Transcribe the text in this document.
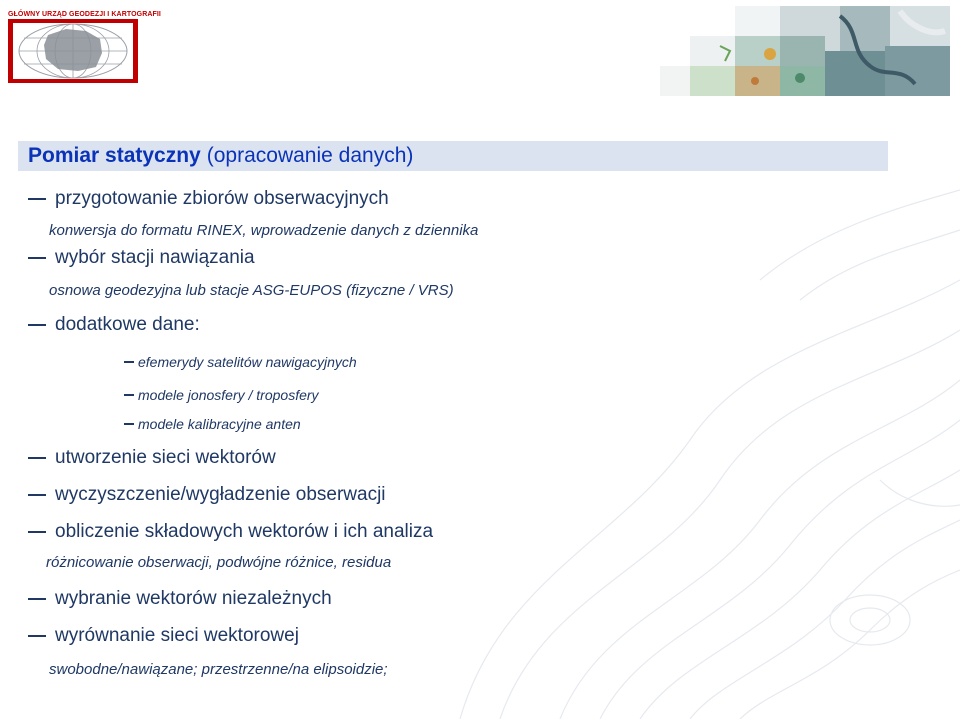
GŁÓWNY URZĄD GEODEZJI I KARTOGRAFII
Pomiar statyczny (opracowanie danych)
przygotowanie zbiorów obserwacyjnych
konwersja do formatu RINEX, wprowadzenie danych z dziennika
wybór stacji nawiązania
osnowa geodezyjna lub stacje ASG-EUPOS (fizyczne / VRS)
dodatkowe dane:
efemerydy satelitów nawigacyjnych
modele jonosfery / troposfery
modele kalibracyjne anten
utworzenie sieci wektorów
wyczyszczenie/wygładzenie obserwacji
obliczenie składowych wektorów i ich analiza
różnicowanie obserwacji, podwójne różnice, residua
wybranie wektorów niezależnych
wyrównanie sieci wektorowej
swobodne/nawiązane; przestrzenne/na elipsoidzie;
